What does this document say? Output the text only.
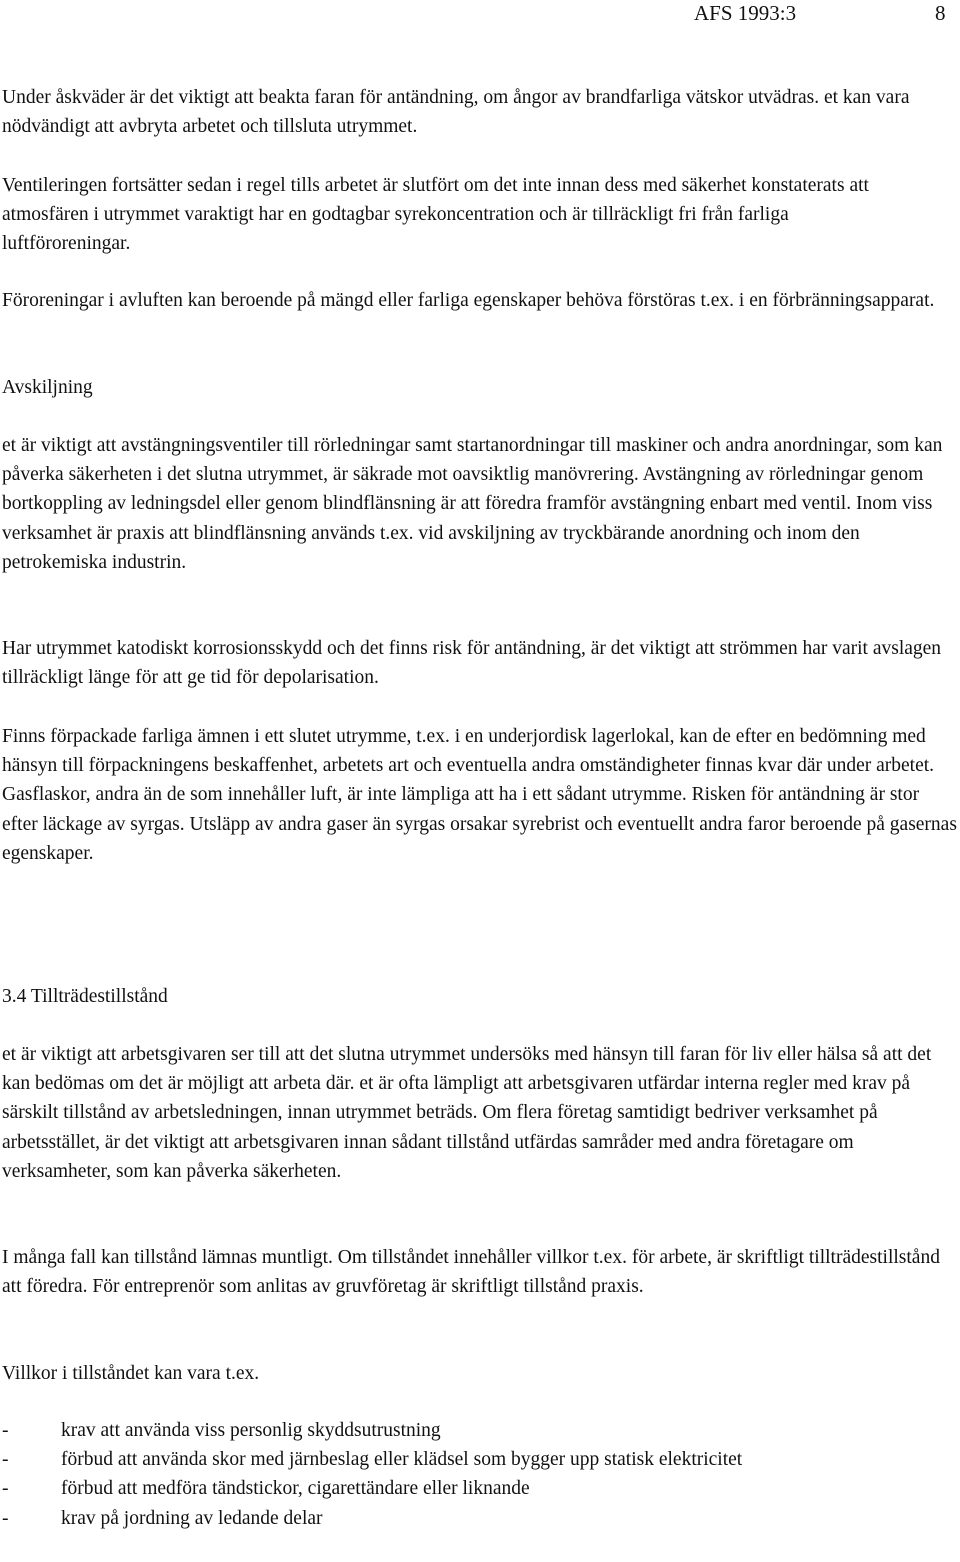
AFS 1993:3	8

Under åskväder är det viktigt att beakta faran för antändning, om ångor av brandfarliga vätskor utvädras. et kan vara nödvändigt att avbryta arbetet och tillsluta utrymmet.

Ventileringen fortsätter sedan i regel tills arbetet är slutfört om det inte innan dess med säkerhet konstaterats att atmosfären i utrymmet varaktigt har en godtagbar syrekoncentration och är tillräckligt fri från farliga luftföroreningar.

Föroreningar i avluften kan beroende på mängd eller farliga egenskaper behöva förstöras t.ex. i en förbränningsapparat.

Avskiljning

et är viktigt att avstängningsventiler till rörledningar samt startanordningar till maskiner och andra anordningar, som kan påverka säkerheten i det slutna utrymmet, är säkrade mot oavsiktlig manövrering. Avstängning av rörledningar genom bortkoppling av ledningsdel eller genom blindflänsning är att föredra framför avstängning enbart med ventil. Inom viss verksamhet är praxis att blindflänsning används t.ex. vid avskiljning av tryckbärande anordning och inom den petrokemiska industrin.

Har utrymmet katodiskt korrosionsskydd och det finns risk för antändning, är det viktigt att strömmen har varit avslagen tillräckligt länge för att ge tid för depolarisation.

Finns förpackade farliga ämnen i ett slutet utrymme, t.ex. i en underjordisk lagerlokal, kan de efter en bedömning med hänsyn till förpackningens beskaffenhet, arbetets art och eventuella andra omständigheter finnas kvar där under arbetet. Gasflaskor, andra än de som innehåller luft, är inte lämpliga att ha i ett sådant utrymme. Risken för antändning är stor efter läckage av syrgas. Utsläpp av andra gaser än syrgas orsakar syrebrist och eventuellt andra faror beroende på gasernas egenskaper.

3.4 Tillträdestillstånd

et är viktigt att arbetsgivaren ser till att det slutna utrymmet undersöks med hänsyn till faran för liv eller hälsa så att det kan bedömas om det är möjligt att arbeta där. et är ofta lämpligt att arbetsgivaren utfärdar interna regler med krav på särskilt tillstånd av arbetsledningen, innan utrymmet beträds. Om flera företag samtidigt bedriver verksamhet på arbetsstället, är det viktigt att arbetsgivaren innan sådant tillstånd utfärdas samråder med andra företagare om verksamheter, som kan påverka säkerheten.

I många fall kan tillstånd lämnas muntligt. Om tillståndet innehåller villkor t.ex. för arbete, är skriftligt tillträdestillstånd att föredra. För entreprenör som anlitas av gruvföretag är skriftligt tillstånd praxis.

Villkor i tillståndet kan vara t.ex.

-	krav att använda viss personlig skyddsutrustning
-	förbud att använda skor med järnbeslag eller klädsel som bygger upp statisk elektricitet
-	förbud att medföra tändstickor, cigarettändare eller liknande
-	krav på jordning av ledande delar
